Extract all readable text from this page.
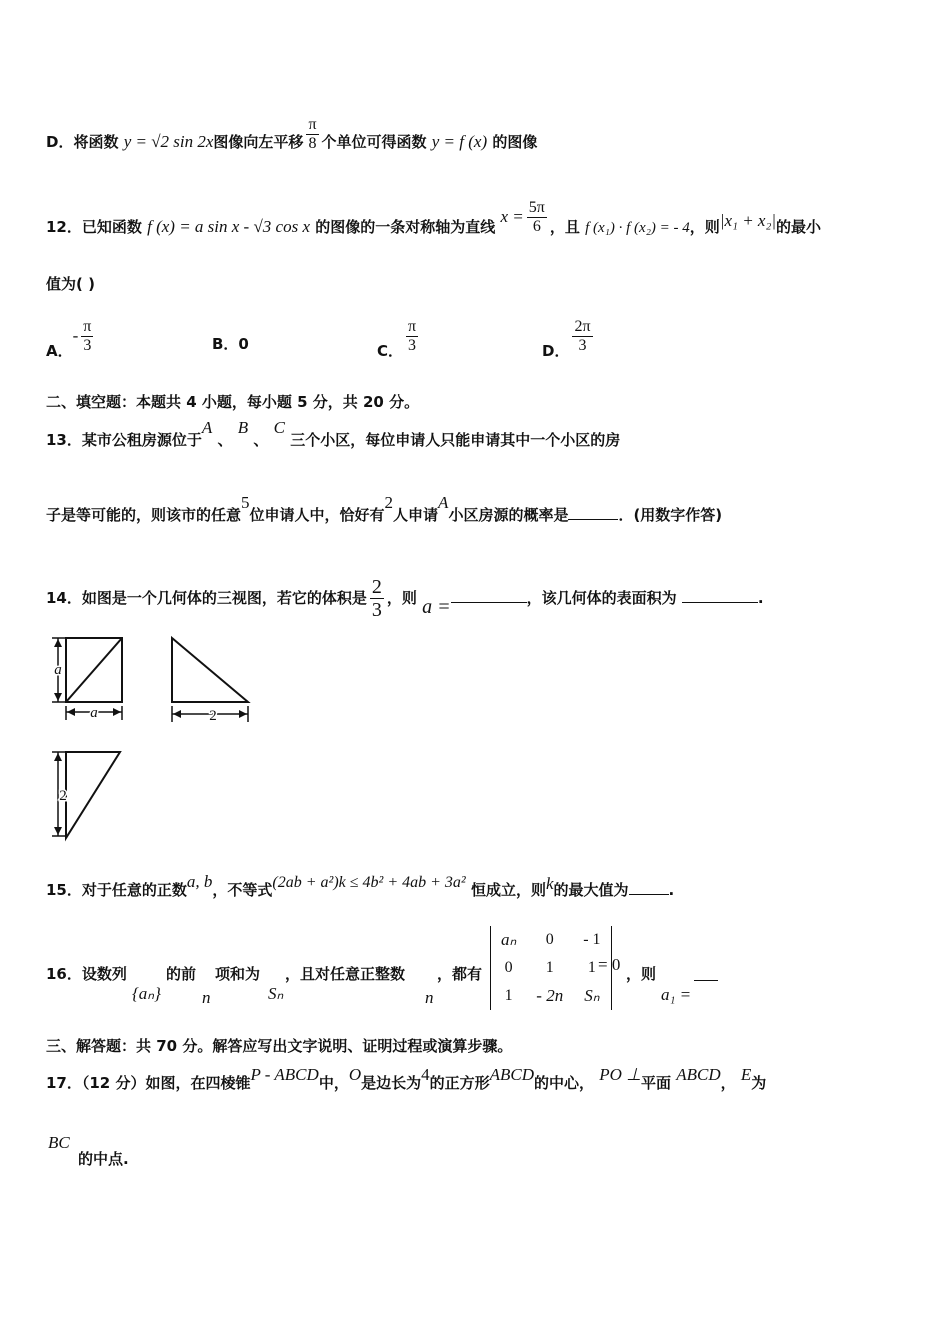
D．将函数 y = √2 sin 2x图像向左平移 $\frac{\pi}{8}$ 个单位可得函数 y = f (x) 的图像
12．已知函数 f (x) = a sin x - √3 cos x 的图像的一条对称轴为直线 $x = \frac{5\pi}{6}$ ，且 f (x₁) · f (x₂) = - 4，则|x₁ + x₂|的最小
值为( )
A．- $\frac{\pi}{3}$	B．0	C． $\frac{\pi}{3}$	D． $\frac{2\pi}{3}$
二、填空题：本题共 4 小题，每小题 5 分，共 20 分。
13．某市公租房源位于A 、 B 、 C 三个小区，每位申请人只能申请其中一个小区的房
子是等可能的，则该市的任意5位申请人中，恰好有2人申请A小区房源的概率是	．(用数字作答)
14．如图是一个几何体的三视图，若它的体积是 $\frac{2}{3}$ ，则 a =	，该几何体的表面积为	.
a
a	2
2
15．对于任意的正数a, b，不等式(2ab + a²)k ≤ 4b² + 4ab + 3a² 恒成立，则k的最大值为	.
16．设数列
{aₙ}
的前
n
项和为
Sₙ
，且对任意正整数
n
，都有
aₙ	0	- 1
0	1	1
1	- 2n	Sₙ
= 0 ，则
a₁ =
三、解答题：共 70 分。解答应写出文字说明、证明过程或演算步骤。
17．（12 分）如图，在四棱锥P - ABCD中，O是边长为4的正方形ABCD的中心， PO ⊥平面 ABCD， E为
BC
的中点.
